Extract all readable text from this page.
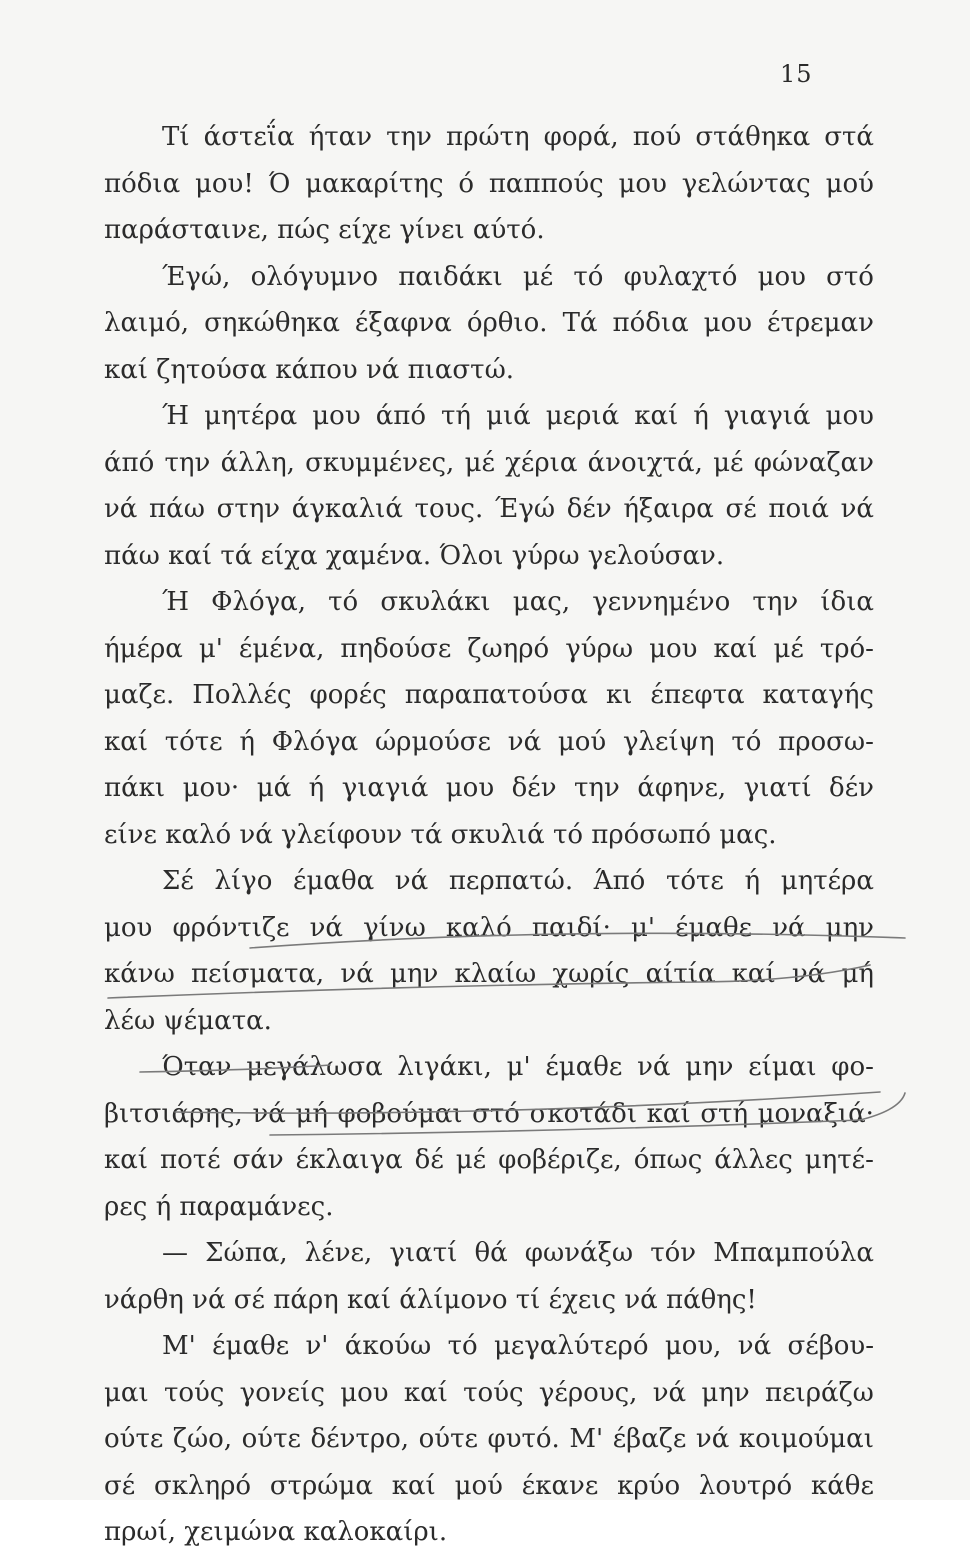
15
Τί άστεΐα ήταν την πρώτη φορά, πού στάθηκα στά
πόδια μου! Ό μακαρίτης ό παππούς μου γελώντας μού
παράσταινε, πώς είχε γίνει αύτό.
Έγώ, ολόγυμνο παιδάκι μέ τό φυλαχτό μου στό
λαιμό, σηκώθηκα έξαφνα όρθιο. Τά πόδια μου έτρεμαν
καί ζητούσα κάπου νά πιαστώ.
Ή μητέρα μου άπό τή μιά μεριά καί ή γιαγιά μου
άπό την άλλη, σκυμμένες, μέ χέρια άνοιχτά, μέ φώναζαν
νά πάω στην άγκαλιά τους. Έγώ δέν ήξαιρα σέ ποιά νά
πάω καί τά είχα χαμένα. Όλοι γύρω γελούσαν.
Ή Φλόγα, τό σκυλάκι μας, γεννημένο την ίδια
ήμέρα μ' έμένα, πηδούσε ζωηρό γύρω μου καί μέ τρό-
μαζε. Πολλές φορές παραπατούσα κι έπεφτα καταγής
καί τότε ή Φλόγα ώρμούσε νά μού γλείψη τό προσω-
πάκι μου· μά ή γιαγιά μου δέν την άφηνε, γιατί δέν
είνε καλό νά γλείφουν τά σκυλιά τό πρόσωπό μας.
Σέ λίγο έμαθα νά περπατώ. Άπό τότε ή μητέρα
μου φρόντιζε νά γίνω καλό παιδί· μ' έμαθε νά μην
κάνω πείσματα, νά μην κλαίω χωρίς αίτία καί νά μή
λέω ψέματα.
Όταν μεγάλωσα λιγάκι, μ' έμαθε νά μην είμαι φο-
βιτσιάρης, νά μή φοβούμαι στό σκοτάδι καί στή μοναξιά·
καί ποτέ σάν έκλαιγα δέ μέ φοβέριζε, όπως άλλες μητέ-
ρες ή παραμάνες.
— Σώπα, λένε, γιατί θά φωνάξω τόν Μπαμπούλα
νάρθη νά σέ πάρη καί άλίμονο τί έχεις νά πάθης!
Μ' έμαθε ν' άκούω τό μεγαλύτερό μου, νά σέβου-
μαι τούς γονείς μου καί τούς γέρους, νά μην πειράζω
ούτε ζώο, ούτε δέντρο, ούτε φυτό. Μ' έβαζε νά κοιμούμαι
σέ σκληρό στρώμα καί μού έκανε κρύο λουτρό κάθε
πρωί, χειμώνα καλοκαίρι.
